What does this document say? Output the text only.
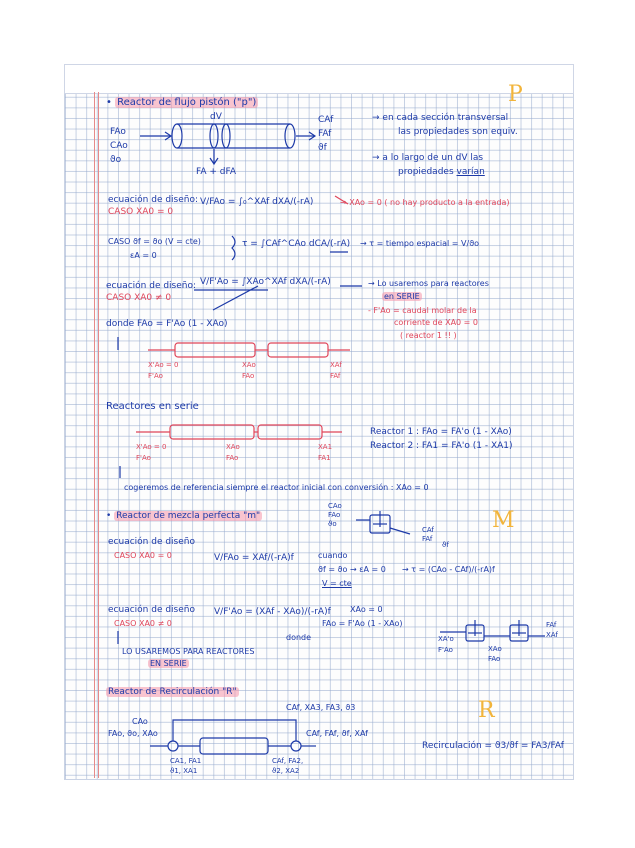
• Reactor de flujo pistón ("p")	P
FAo
CAo
ϑo
dV	CAf
FAf
ϑf
FA + dFA
→ en cada sección transversal
las propiedades son equiv.
→ a lo largo de un dV las
propiedades varían
ecuación de diseño:
CASO XA0 = 0
V/FAo = ∫₀^XAf dXA/(-rA)	→ XAo = 0 ( no hay producto a la entrada)
CASO ϑf = ϑo (V = cte)
εA = 0
τ = ∫CAf^CAo dCA/(-rA) → τ = tiempo espacial = V/ϑo
ecuación de diseño:
CASO XA0 ≠ 0
V/F'Ao = ∫XAo^XAf dXA/(-rA)	→ Lo usaremos para reactores
en SERIE
- F'Ao = caudal molar de la
corriente de XA0 = 0
( reactor 1 !! )
donde FAo = F'Ao (1 - XAo)
X'Ao = 0
F'Ao
XAo
FAo
XAf
FAf
Reactores en serie
X'Ao = 0
F'Ao
XAo
FAo
XA1
FA1
Reactor 1 : FAo = FA'o (1 - XAo)
Reactor 2 : FA1 = FA'o (1 - XA1)
cogeremos de referencia siempre el reactor inicial con conversión : XAo = 0
• Reactor de mezcla perfecta "m"	M
CAo
FAo
ϑo
CAf
FAf
ϑf
ecuación de diseño
CASO XA0 = 0	V/FAo = XAf/(-rA)f	cuando
ϑf = ϑo → εA = 0
V = cte
→ τ = (CAo - CAf)/(-rA)f
ecuación de diseño
CASO XA0 ≠ 0
V/F'Ao = (XAf - XAo)/(-rA)f XAo = 0
FAo = F'Ao (1 - XAo)
donde
LO USAREMOS PARA REACTORES
EN SERIE
XA'o
F'Ao	XAo
FAo
FAf
XAf
Reactor de Recirculación "R"
R
CAf, XA3, FA3, ϑ3
CAo
FAo, ϑo, XAo	CAf, FAf, ϑf, XAf
CA1, FA1
ϑ1, XA1
CAf, FA2,
ϑ2, XA2
Recirculación = ϑ3/ϑf = FA3/FAf
